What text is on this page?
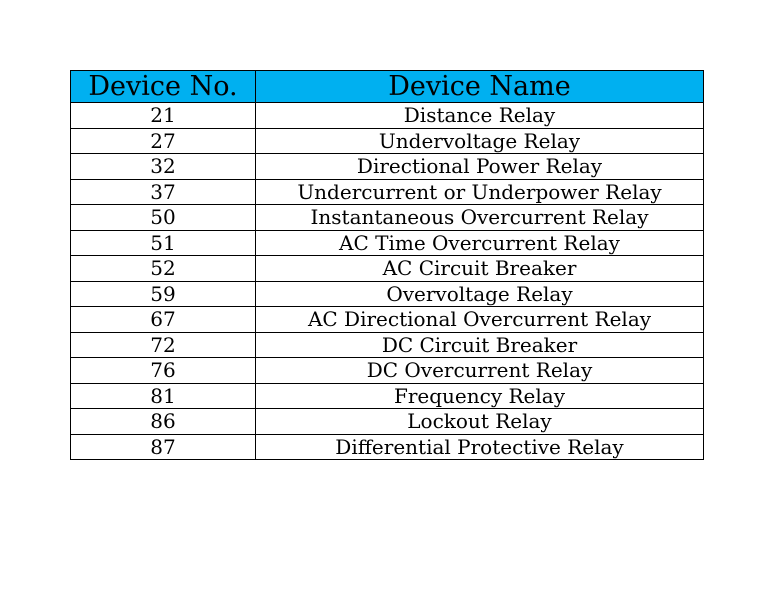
Device No.	Device Name
21	Distance Relay
27	Undervoltage Relay
32	Directional Power Relay
37	Undercurrent or Underpower Relay
50	Instantaneous Overcurrent Relay
51	AC Time Overcurrent Relay
52	AC Circuit Breaker
59	Overvoltage Relay
67	AC Directional Overcurrent Relay
72	DC Circuit Breaker
76	DC Overcurrent Relay
81	Frequency Relay
86	Lockout Relay
87	Differential Protective Relay
